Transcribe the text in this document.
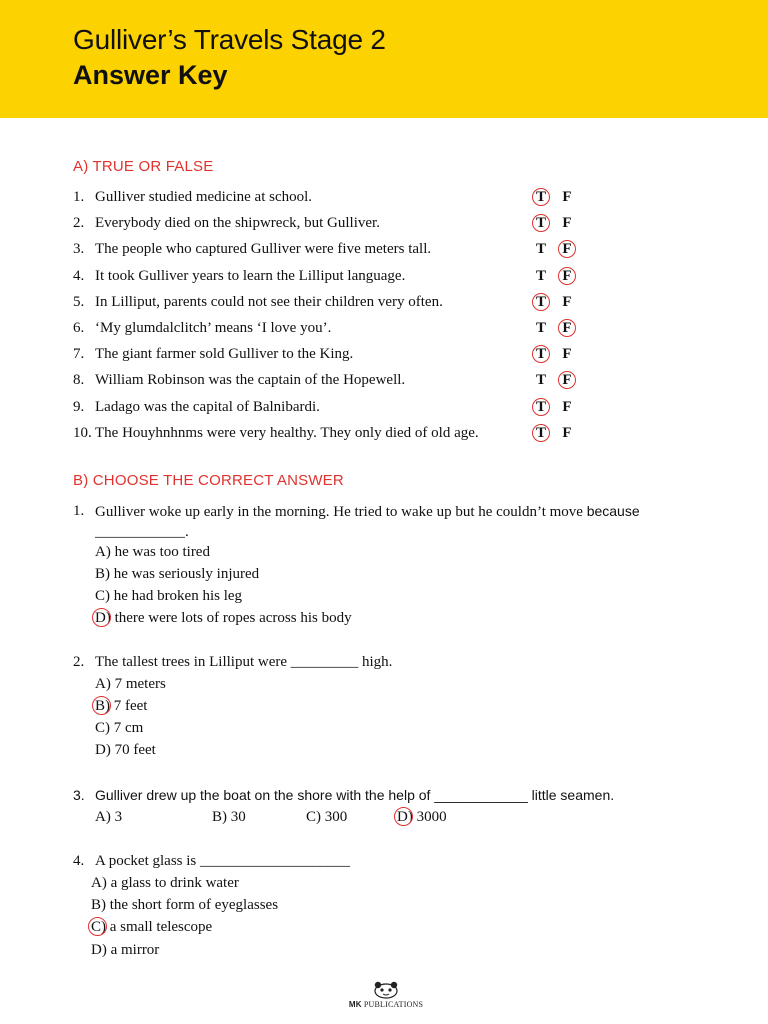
Gulliver’s Travels Stage 2
Answer Key
A) TRUE OR FALSE
1. Gulliver studied medicine at school.	T F
2. Everybody died on the shipwreck, but Gulliver.	T F
3. The people who captured Gulliver were five meters tall.	T F
4. It took Gulliver years to learn the Lilliput language.	T F
5. In Lilliput, parents could not see their children very often.	T F
6. ‘My glumdalclitch’ means ‘I love you’.	T F
7. The giant farmer sold Gulliver to the King.	T F
8. William Robinson was the captain of the Hopewell.	T F
9. Ladago was the capital of Balnibardi.	T F
10. The Houyhnhnms were very healthy. They only died of old age.	T F
B) CHOOSE THE CORRECT ANSWER
1. Gulliver woke up early in the morning. He tried to wake up but he couldn’t move because
____________.
A) he was too tired
B) he was seriously injured
C) he had broken his leg
D)
there were lots of ropes across his body
2. The tallest trees in Lilliput were _________ high.
A) 7 meters
B)
7 feet
C) 7 cm
D) 70 feet
3. Gulliver drew up the boat on the shore with the help of ____________ little seamen.
A) 3	B) 30	C) 300	D)
3000
4. A pocket glass is ____________________
A) a glass to drink water
B) the short form of eyeglasses
C)
a small telescope
D) a mirror
MK PUBLICATIONS
